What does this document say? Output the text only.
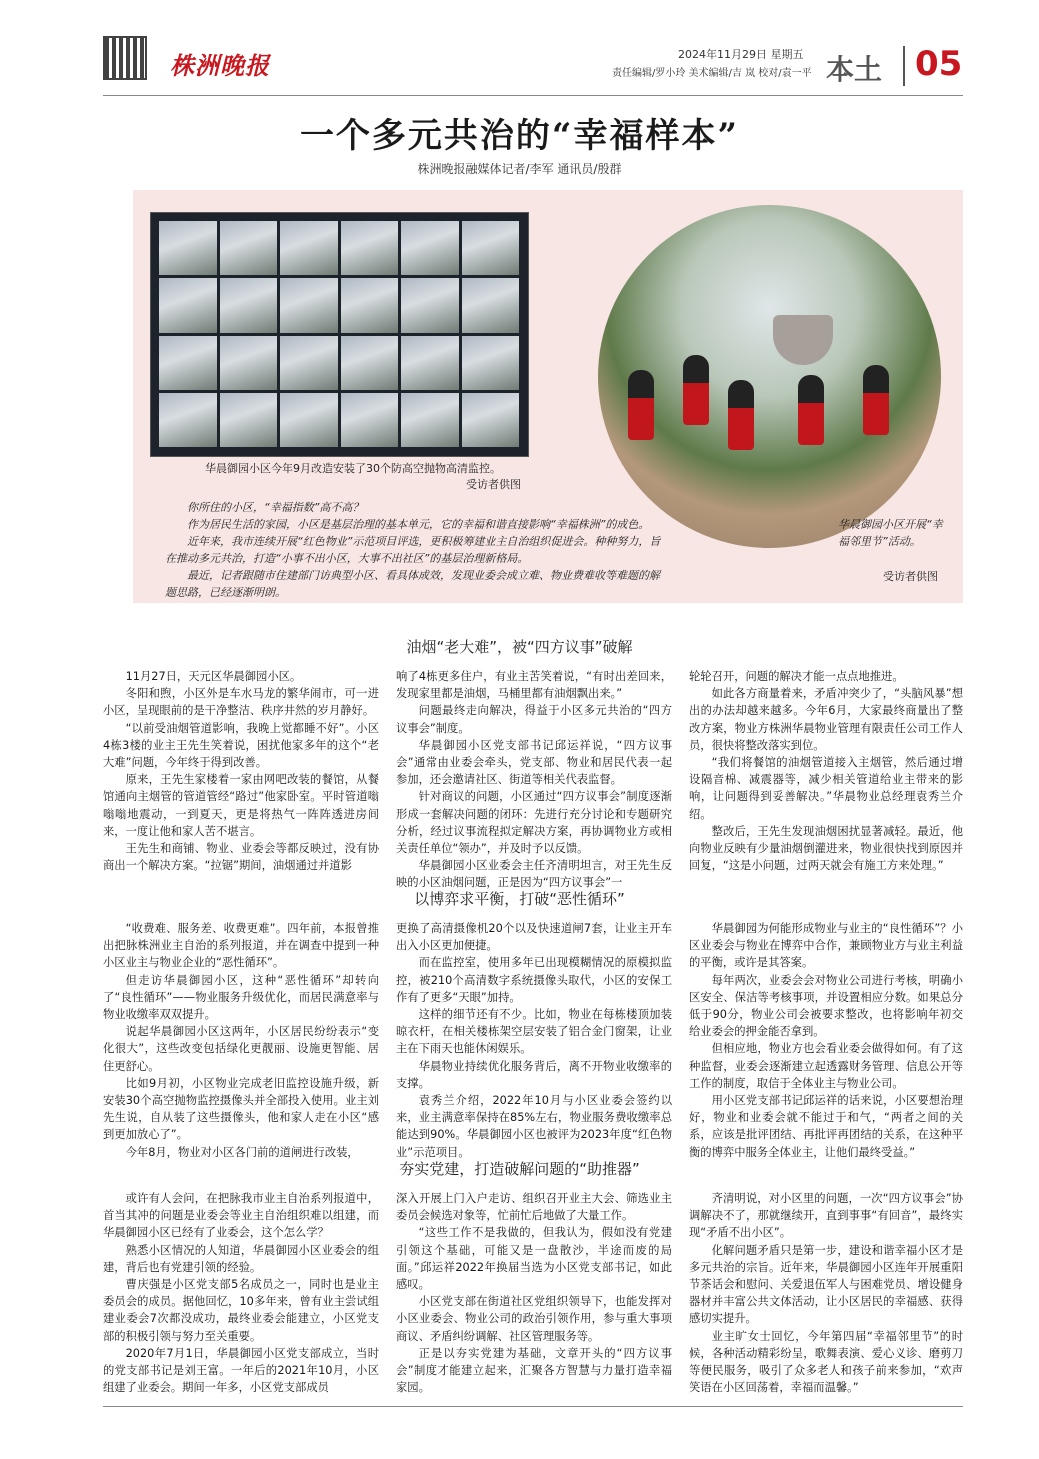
株洲晚报	2024年11月29日 星期五
责任编辑/罗小玲 美术编辑/吉 岚 校对/袁一平 本土 05
一个多元共治的“幸福样本”
株洲晚报融媒体记者/李军 通讯员/殷群
华晨御园小区今年9月改造安装了30个防高空抛物高清监控。
受访者供图

你所住的小区，“幸福指数”高不高？

作为居民生活的家园，小区是基层治理的基本单元，它的幸福和谐直接影响“幸福株洲”的成色。

近年来，我市连续开展“红色物业”示范项目评选，更积极筹建业主自治组织促进会。种种努力，旨在推动多元共治，打造“小事不出小区，大事不出社区”的基层治理新格局。

最近，记者跟随市住建部门访典型小区、看具体成效，发现业委会成立难、物业费难收等难题的解题思路，已经逐渐明朗。

华晨御园小区开展“幸福邻里节”活动。
受访者供图
油烟“老大难”，被“四方议事”破解

11月27日，天元区华晨御园小区。

冬阳和煦，小区外是车水马龙的繁华闹市，可一进小区，呈现眼前的是干净整洁、秩序井然的岁月静好。

“以前受油烟管道影响，我晚上觉都睡不好”。小区4栋3楼的业主王先生笑着说，困扰他家多年的这个“老大难”问题，今年终于得到改善。

原来，王先生家楼着一家由网吧改装的餐馆，从餐馆通向主烟管的管道管经“路过”他家卧室。平时管道嗡嗡嗡地震动，一到夏天，更是将热气一阵阵透进房间来，一度让他和家人苦不堪言。

王先生和商铺、物业、业委会等都反映过，没有协商出一个解决方案。“拉锯”期间，油烟通过并道影

响了4栋更多住户，有业主苦笑着说，“有时出差回来，发现家里都是油烟，马桶里都有油烟飘出来。”

问题最终走向解决，得益于小区多元共治的“四方议事会”制度。

华晨御园小区党支部书记邱运祥说，“四方议事会”通常由业委会牵头，党支部、物业和居民代表一起参加，还会邀请社区、街道等相关代表监督。

针对商议的问题，小区通过“四方议事会”制度逐渐形成一套解决问题的闭环：先进行充分讨论和专题研究分析，经过议事流程拟定解决方案，再协调物业方或相关责任单位“领办”，并及时予以反馈。

华晨御园小区业委会主任齐清明坦言，对王先生反映的小区油烟问题，正是因为“四方议事会”一

轮轮召开，问题的解决才能一点点地推进。

如此各方商量着来，矛盾冲突少了，“头脑风暴”想出的办法却越来越多。今年6月，大家最终商量出了整改方案，物业方株洲华晨物业管理有限责任公司工作人员，很快将整改落实到位。

“我们将餐馆的油烟管道接入主烟管，然后通过增设隔音棉、减震器等，减少相关管道给业主带来的影响，让问题得到妥善解决。”华晨物业总经理袁秀兰介绍。

整改后，王先生发现油烟困扰显著减轻。最近，他向物业反映有少量油烟倒灌进来，物业很快找到原因并回复，“这是小问题，过两天就会有施工方来处理。”

以博弈求平衡，打破“恶性循环”

“收费难、服务差、收费更难”。四年前，本报曾推出把脉株洲业主自治的系列报道，并在调查中提到一种小区业主与物业企业的“恶性循环”。

但走访华晨御园小区，这种“恶性循环”却转向了“良性循环”——物业服务升级优化，而居民满意率与物业收缴率双双提升。

说起华晨御园小区这两年，小区居民纷纷表示“变化很大”，这些改变包括绿化更靓丽、设施更智能、居住更舒心。

比如9月初，小区物业完成老旧监控设施升级，新安装30个高空抛物监控摄像头并全部投入使用。业主刘先生说，自从装了这些摄像头，他和家人走在小区“感到更加放心了”。

今年8月，物业对小区各门前的道闸进行改装，

更换了高清摄像机20个以及快速道闸7套，让业主开车出入小区更加便捷。

而在监控室，使用多年已出现模糊情况的原模拟监控，被210个高清数字系统摄像头取代，小区的安保工作有了更多“天眼”加持。

这样的细节还有不少。比如，物业在每栋楼顶加装晾衣杆，在相关楼栋架空层安装了铝合金门窗架，让业主在下雨天也能休闲娱乐。

华晨物业持续优化服务背后，离不开物业收缴率的支撑。

袁秀兰介绍，2022年10月与小区业委会签约以来，业主满意率保持在85%左右，物业服务费收缴率总能达到90%。华晨御园小区也被评为2023年度“红色物业”示范项目。

华晨御园为何能形成物业与业主的“良性循环”？小区业委会与物业在博弈中合作，兼顾物业方与业主利益的平衡，或许是其答案。

每年两次，业委会会对物业公司进行考核，明确小区安全、保洁等考核事项，并设置相应分数。如果总分低于90分，物业公司会被要求整改，也将影响年初交给业委会的押金能否拿到。

但相应地，物业方也会看业委会做得如何。有了这种监督，业委会逐渐建立起透露财务管理、信息公开等工作的制度，取信于全体业主与物业公司。

用小区党支部书记邱运祥的话来说，小区要想治理好，物业和业委会就不能过于和气，“两者之间的关系，应该是批评团结、再批评再团结的关系，在这种平衡的博弈中服务全体业主，让他们最终受益。”

夯实党建，打造破解问题的“助推器”

或许有人会问，在把脉我市业主自治系列报道中，首当其冲的问题是业委会等业主自治组织难以组建，而华晨御园小区已经有了业委会，这个怎么学？

熟悉小区情况的人知道，华晨御园小区业委会的组建，背后也有党建引领的经验。

曹庆强是小区党支部5名成员之一，同时也是业主委员会的成员。据他回忆，10多年来，曾有业主尝试组建业委会7次都没成功，最终业委会能建立，小区党支部的积极引领与努力至关重要。

2020年7月1日，华晨御园小区党支部成立，当时的党支部书记是刘王富。一年后的2021年10月，小区组建了业委会。期间一年多，小区党支部成员

深入开展上门入户走访、组织召开业主大会、筛选业主委员会候选对象等，忙前忙后地做了大量工作。

“这些工作不是我做的，但我认为，假如没有党建引领这个基础，可能又是一盘散沙，半途而废的局面。”邱运祥2022年换届当选为小区党支部书记，如此感叹。

小区党支部在街道社区党组织领导下，也能发挥对小区业委会、物业公司的政治引领作用，参与重大事项商议、矛盾纠纷调解、社区管理服务等。

正是以夯实党建为基础，文章开头的“四方议事会”制度才能建立起来，汇聚各方智慧与力量打造幸福家园。

齐清明说，对小区里的问题，一次“四方议事会”协调解决不了，那就继续开，直到事事“有回音”，最终实现“矛盾不出小区”。

化解问题矛盾只是第一步，建设和谐幸福小区才是多元共治的宗旨。近年来，华晨御园小区连年开展重阳节茶话会和慰问、关爱退伍军人与困难党员、增设健身器材并丰富公共文体活动，让小区居民的幸福感、获得感切实提升。

业主旷女士回忆，今年第四届“幸福邻里节”的时候，各种活动精彩纷呈，歌舞表演、爱心义诊、磨剪刀等便民服务，吸引了众多老人和孩子前来参加，“欢声笑语在小区回荡着，幸福而温馨。”
